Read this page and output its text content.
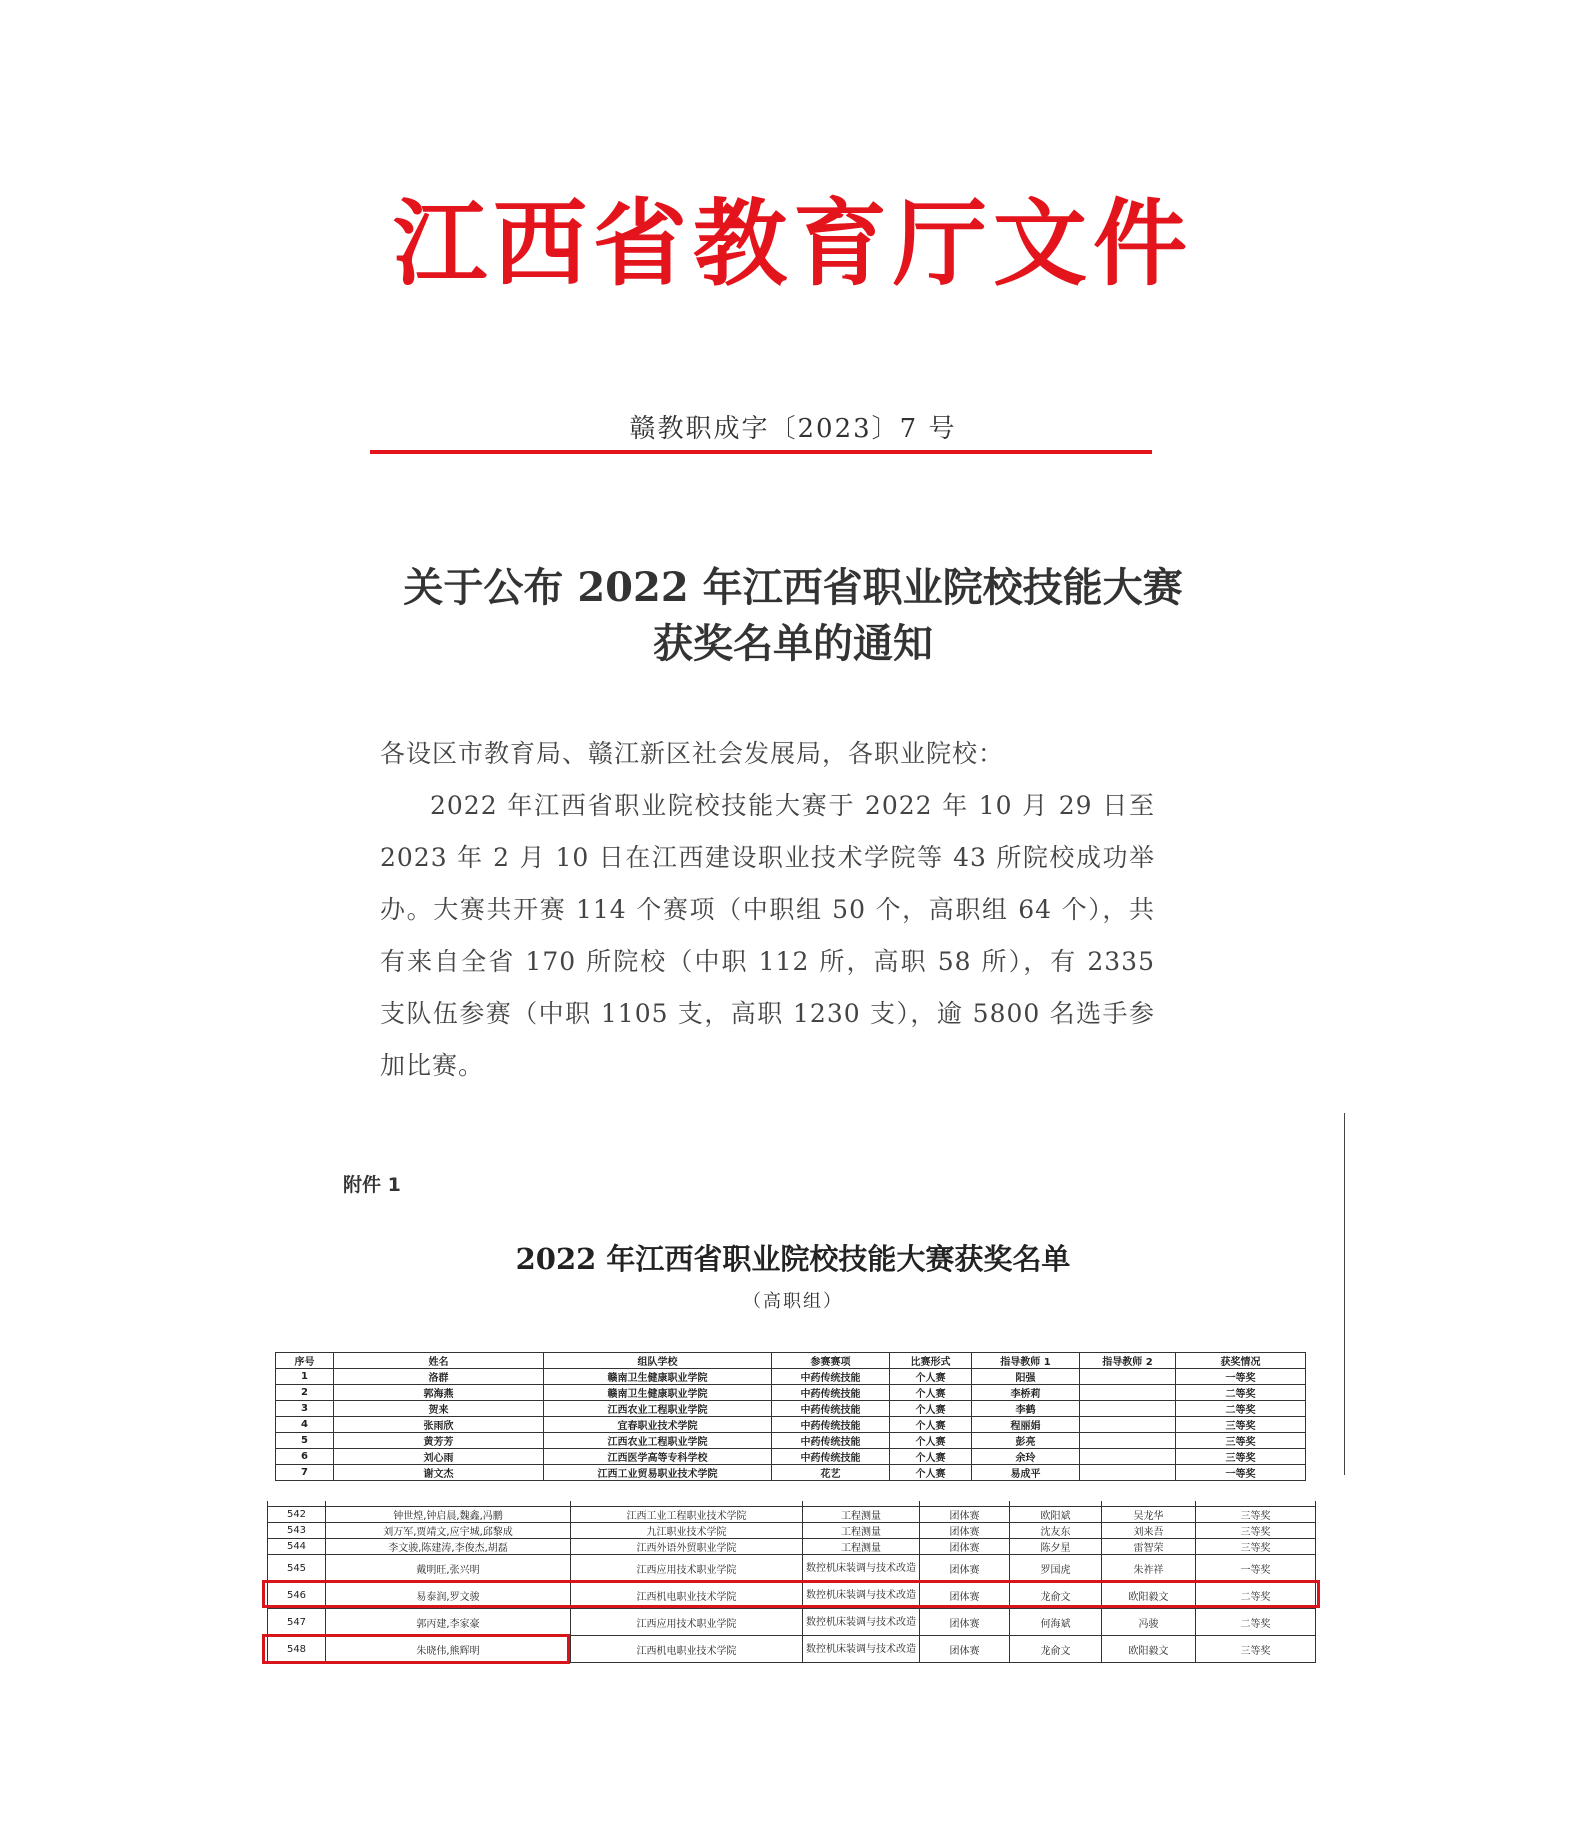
江西省教育厅文件
赣教职成字〔2023〕7 号
关于公布 2022 年江西省职业院校技能大赛
获奖名单的通知

各设区市教育局、赣江新区社会发展局，各职业院校：

2022 年江西省职业院校技能大赛于 2022 年 10 月 29 日至 2023 年 2 月 10 日在江西建设职业技术学院等 43 所院校成功举办。大赛共开赛 114 个赛项（中职组 50 个，高职组 64 个），共有来自全省 170 所院校（中职 112 所，高职 58 所），有 2335 支队伍参赛（中职 1105 支，高职 1230 支），逾 5800 名选手参加比赛。

附件 1
2022 年江西省职业院校技能大赛获奖名单
（高职组）
序号	姓名	组队学校	参赛赛项	比赛形式	指导教师 1	指导教师 2	获奖情况
1	洛群	赣南卫生健康职业学院	中药传统技能	个人赛	阳强		一等奖
2	郭海燕	赣南卫生健康职业学院	中药传统技能	个人赛	李桥莉		二等奖
3	贺来	江西农业工程职业学院	中药传统技能	个人赛	李鹤		二等奖
4	张雨欣	宜春职业技术学院	中药传统技能	个人赛	程丽娟		三等奖
5	黄芳芳	江西农业工程职业学院	中药传统技能	个人赛	彭亮		三等奖
6	刘心雨	江西医学高等专科学校	中药传统技能	个人赛	余玲		三等奖
7	谢文杰	江西工业贸易职业技术学院	花艺	个人赛	易成平		一等奖

542	钟世煌,钟启晨,魏鑫,冯鹏	江西工业工程职业技术学院	工程测量	团体赛	欧阳斌	吴龙华	三等奖
543	刘万军,贾靖文,应宇城,邱黎成	九江职业技术学院	工程测量	团体赛	沈友东	刘来吾	三等奖
544	李文骏,陈建涛,李俊杰,胡磊	江西外语外贸职业学院	工程测量	团体赛	陈夕星	雷智荣	三等奖
545	戴明旺,张兴明	江西应用技术职业学院	数控机床装调与技术改造	团体赛	罗国虎	朱祚祥	一等奖
546	易泰润,罗文骏	江西机电职业技术学院	数控机床装调与技术改造	团体赛	龙俞文	欧阳毅文	二等奖
547	郭丙建,李家豪	江西应用技术职业学院	数控机床装调与技术改造	团体赛	何海斌	冯骏	二等奖
548	朱晓伟,熊辉明	江西机电职业技术学院	数控机床装调与技术改造	团体赛	龙俞文	欧阳毅文	三等奖
